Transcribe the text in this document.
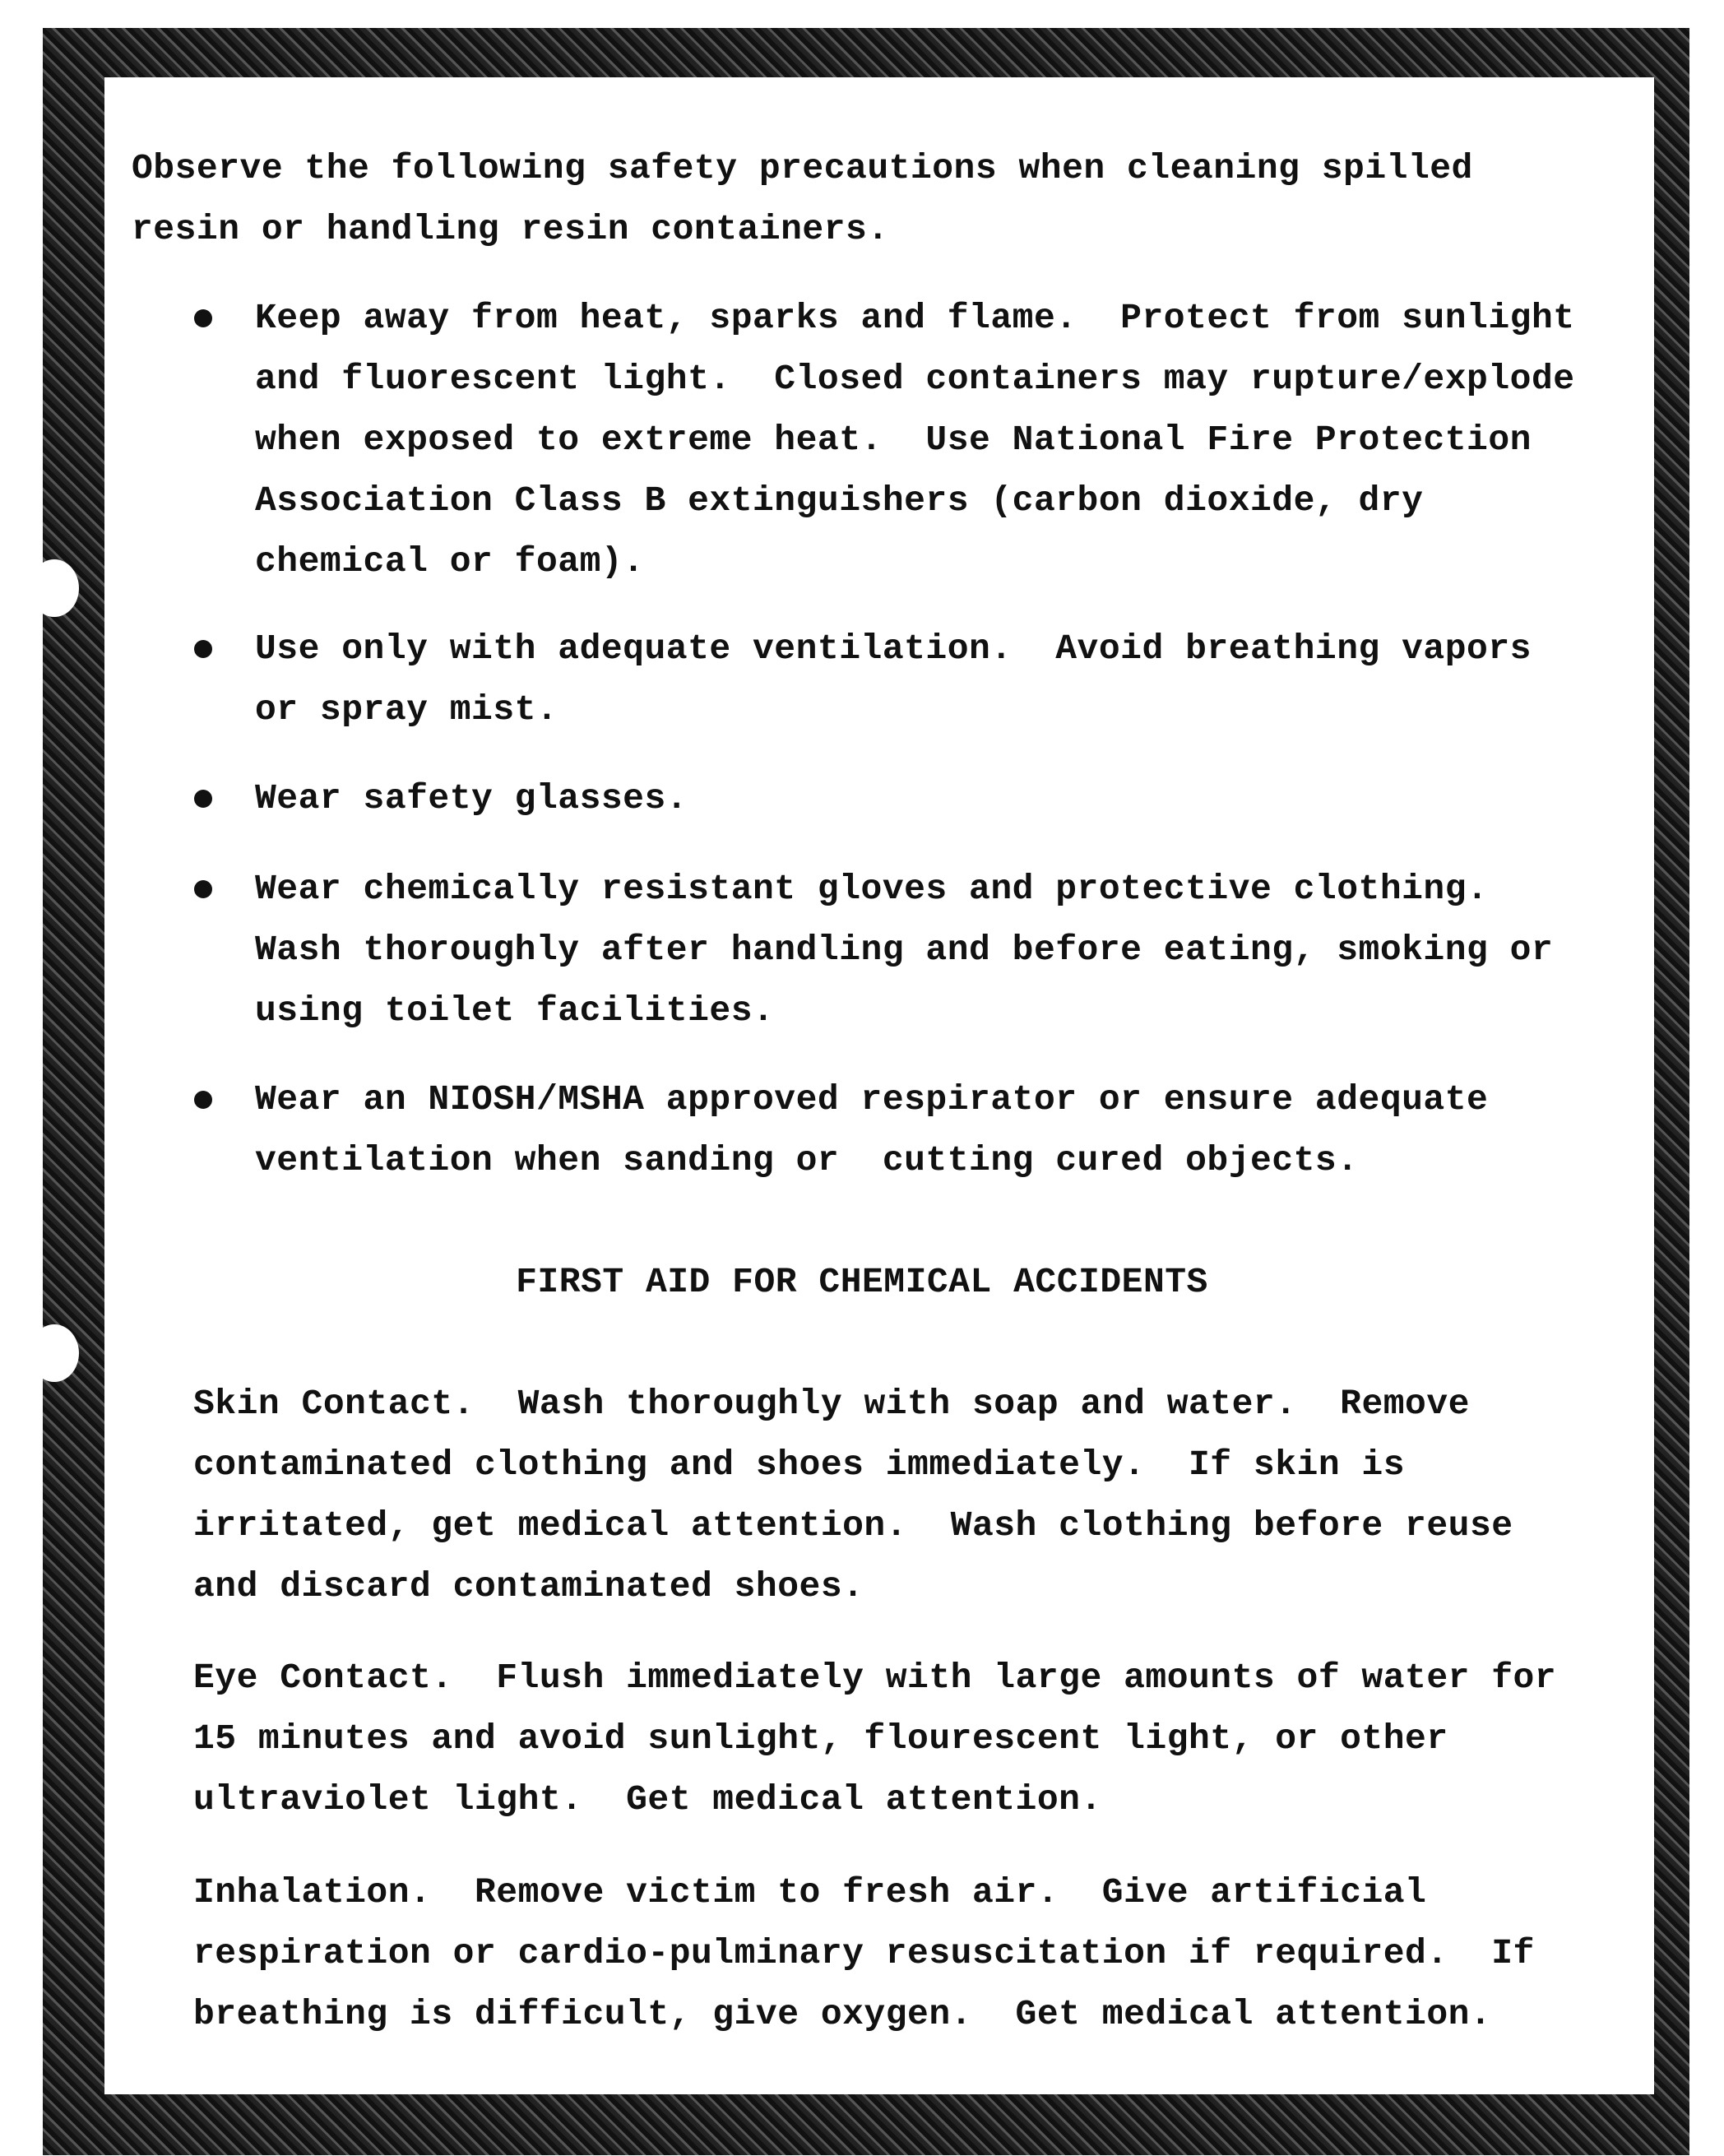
Observe the following safety precautions when cleaning spilled resin or handling resin containers.
Keep away from heat, sparks and flame.  Protect from sunlight and fluorescent light.  Closed containers may rupture/explode when exposed to extreme heat.  Use National Fire Protection Association Class B extinguishers (carbon dioxide, dry chemical or foam).
Use only with adequate ventilation.  Avoid breathing vapors or spray mist.
Wear safety glasses.
Wear chemically resistant gloves and protective clothing. Wash thoroughly after handling and before eating, smoking or using toilet facilities.
Wear an NIOSH/MSHA approved respirator or ensure adequate ventilation when sanding or  cutting cured objects.
FIRST AID FOR CHEMICAL ACCIDENTS
Skin Contact.  Wash thoroughly with soap and water.  Remove contaminated clothing and shoes immediately.  If skin is irritated, get medical attention.  Wash clothing before reuse and discard contaminated shoes.
Eye Contact.  Flush immediately with large amounts of water for 15 minutes and avoid sunlight, flourescent light, or other ultraviolet light.  Get medical attention.
Inhalation.  Remove victim to fresh air.  Give artificial respiration or cardio-pulminary resuscitation if required.  If breathing is difficult, give oxygen.  Get medical attention.
